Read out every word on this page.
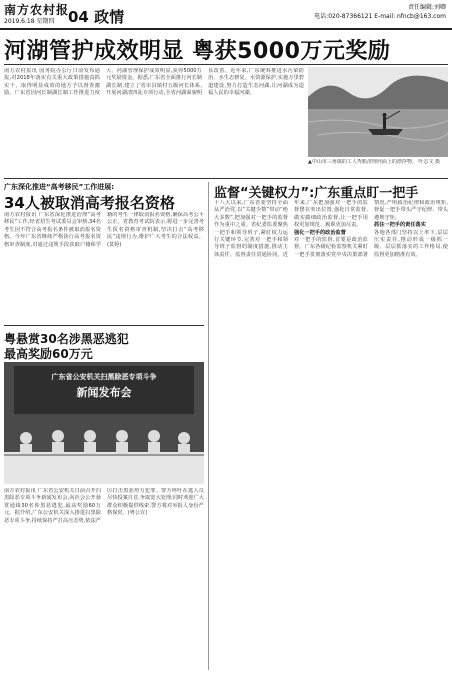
南方农村报
2019.6.18 星期四 04 政情
责任编辑:刘卿
电话:020-87366121 E-mail: nfncb@163.com
河湖管护成效明显 粤获5000万元奖励
南方农村报讯 国务院办公厅日前发布通报,对2018年落实有关重大政策措施真抓实干、取得明显成效的地方予以督查激励。广东省因河长制湖长制工作推进力度大、河湖管理保护成效明显,获得5000万元奖励资金。据悉,广东省全面推行河长制湖长制,建立了省市县镇村五级河长体系,开展河湖清四乱专项行动,全省河湖面貌明显改善。近年来,广东统筹推进水污染防治、水生态修复、水资源保护,实施万里碧道建设,努力打造生态河湖,让河湖成为造福人民的幸福河湖。
▲中山市三角镇的工人驾船清理河面上的漂浮物。 叶志文 摄
广东深化推进“高考移民”工作进展:
34人被取消高考报名资格
南方农村报讯 广东省深化推进治理“高考移民”工作,经省招生考试委员会审核,34名考生因不符合高考报名条件被取消报名资格。今年广东省继续严格执行高考报名资格审查制度,对通过违规手段获取户籍和学籍的考生一律取消报名资格,确保高考公平公正。省教育考试院表示,将进一步完善考生报名资格审查机制,坚决打击“高考移民”违规行为,维护广大考生的合法权益。(莫婷)
监督“关键权力”:广东重点盯一把手
十八大以来,广东省委坚持全面从严治党,以“关键少数”带动“绝大多数”,把加强对一把手的监督作为重中之重。省纪委监委聚焦一把手和领导班子,紧盯权力运行关键环节,完善对一把手和领导班子监督的制度措施,推动主体责任、监督责任贯通协同。近年来,广东把加强对一把手的监督摆在突出位置,强化日常监督,做实做细政治监督,让一把手用权更加规范、履职更加尽责。
强化一把手的政治监督
对一把手的监督,首要是政治监督。广东各级纪检监察机关紧盯一把手贯彻落实党中央决策部署情况,严明政治纪律和政治规矩,督促一把手带头严守纪律、带头遵规守矩。
抓住一把手的责任落实
各地各部门坚持以上率下,层层压实责任,推动形成一级抓一级、层层抓落实的工作格局,使监督更加精准有效。
粤悬赏30名涉黑恶逃犯
最高奖励60万元
广东省公安机关扫黑除恶专项斗争
新闻发布会
南方农村报讯 广东省公安机关日前召开扫黑除恶专项斗争新闻发布会,向社会公开悬赏通缉30名涉黑恶逃犯,最高奖励60万元。据介绍,广东公安机关深入推进扫黑除恶专项斗争,持续保持严打高压态势,依法严厉打击黑恶势力犯罪。警方呼吁在逃人员尽快投案自首,争取宽大处理;同时欢迎广大群众积极提供线索,警方将对举报人身份严格保密。(粤公宣)
